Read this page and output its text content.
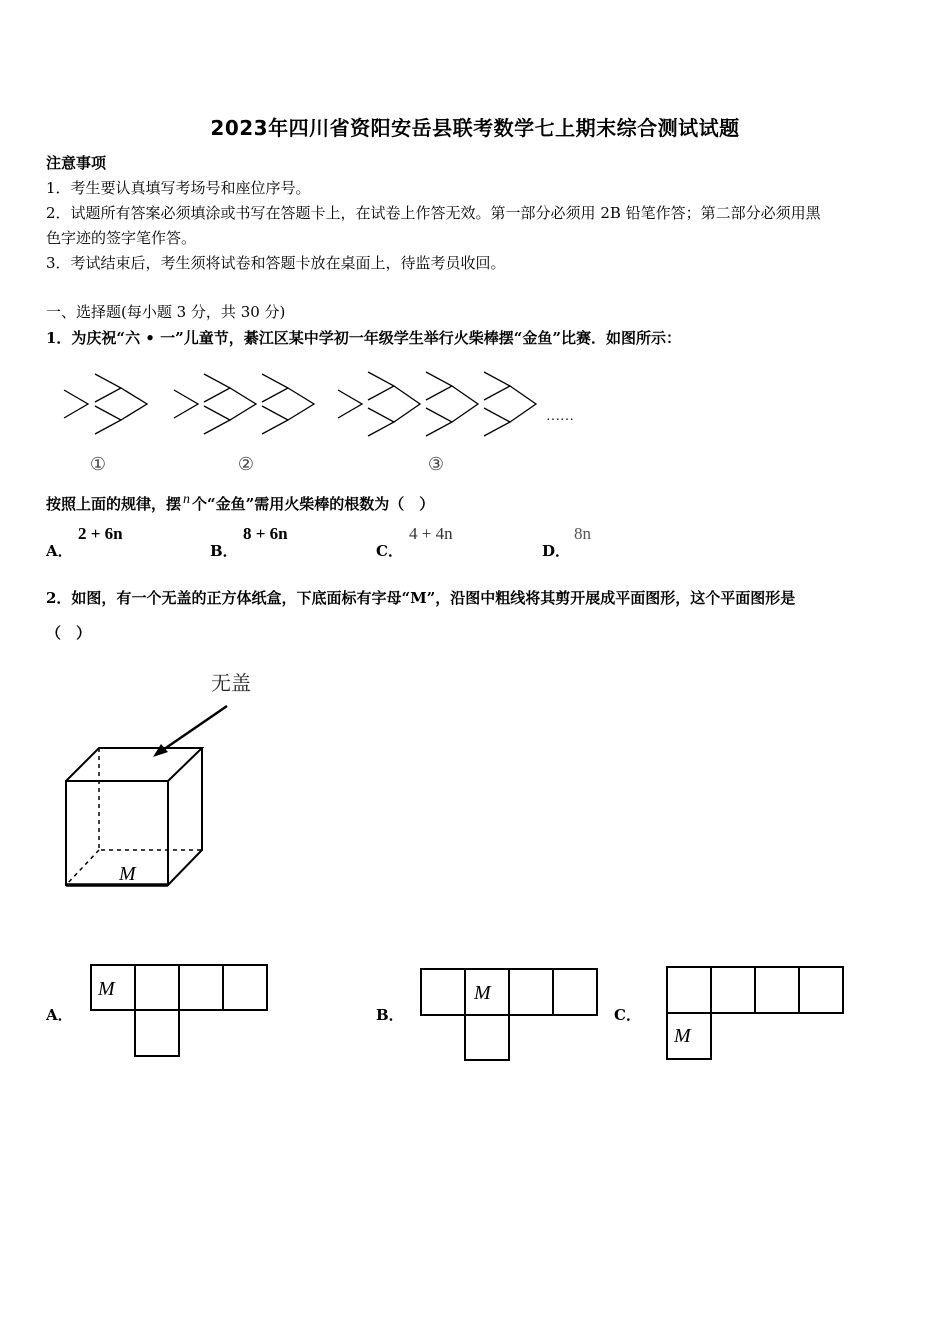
2023年四川省资阳安岳县联考数学七上期末综合测试试题
注意事项
1．考生要认真填写考场号和座位序号。
2．试题所有答案必须填涂或书写在答题卡上，在试卷上作答无效。第一部分必须用 2B 铅笔作答；第二部分必须用黑
色字迹的签字笔作答。
3．考试结束后，考生须将试卷和答题卡放在桌面上，待监考员收回。
一、选择题(每小题 3 分，共 30 分)
1．为庆祝“六 • 一”儿童节，綦江区某中学初一年级学生举行火柴棒摆“金鱼”比赛．如图所示：
……
①	②	③
按照上面的规律，摆 n 个“金鱼”需用火柴棒的根数为（　）
A．
2 + 6n
B．
8 + 6n
C．
4 + 4n
D．
8n
2．如图，有一个无盖的正方体纸盒，下底面标有字母“M”，沿图中粗线将其剪开展成平面图形，这个平面图形是
（　）
无盖
M
A．
M
B．
M
C．
M
